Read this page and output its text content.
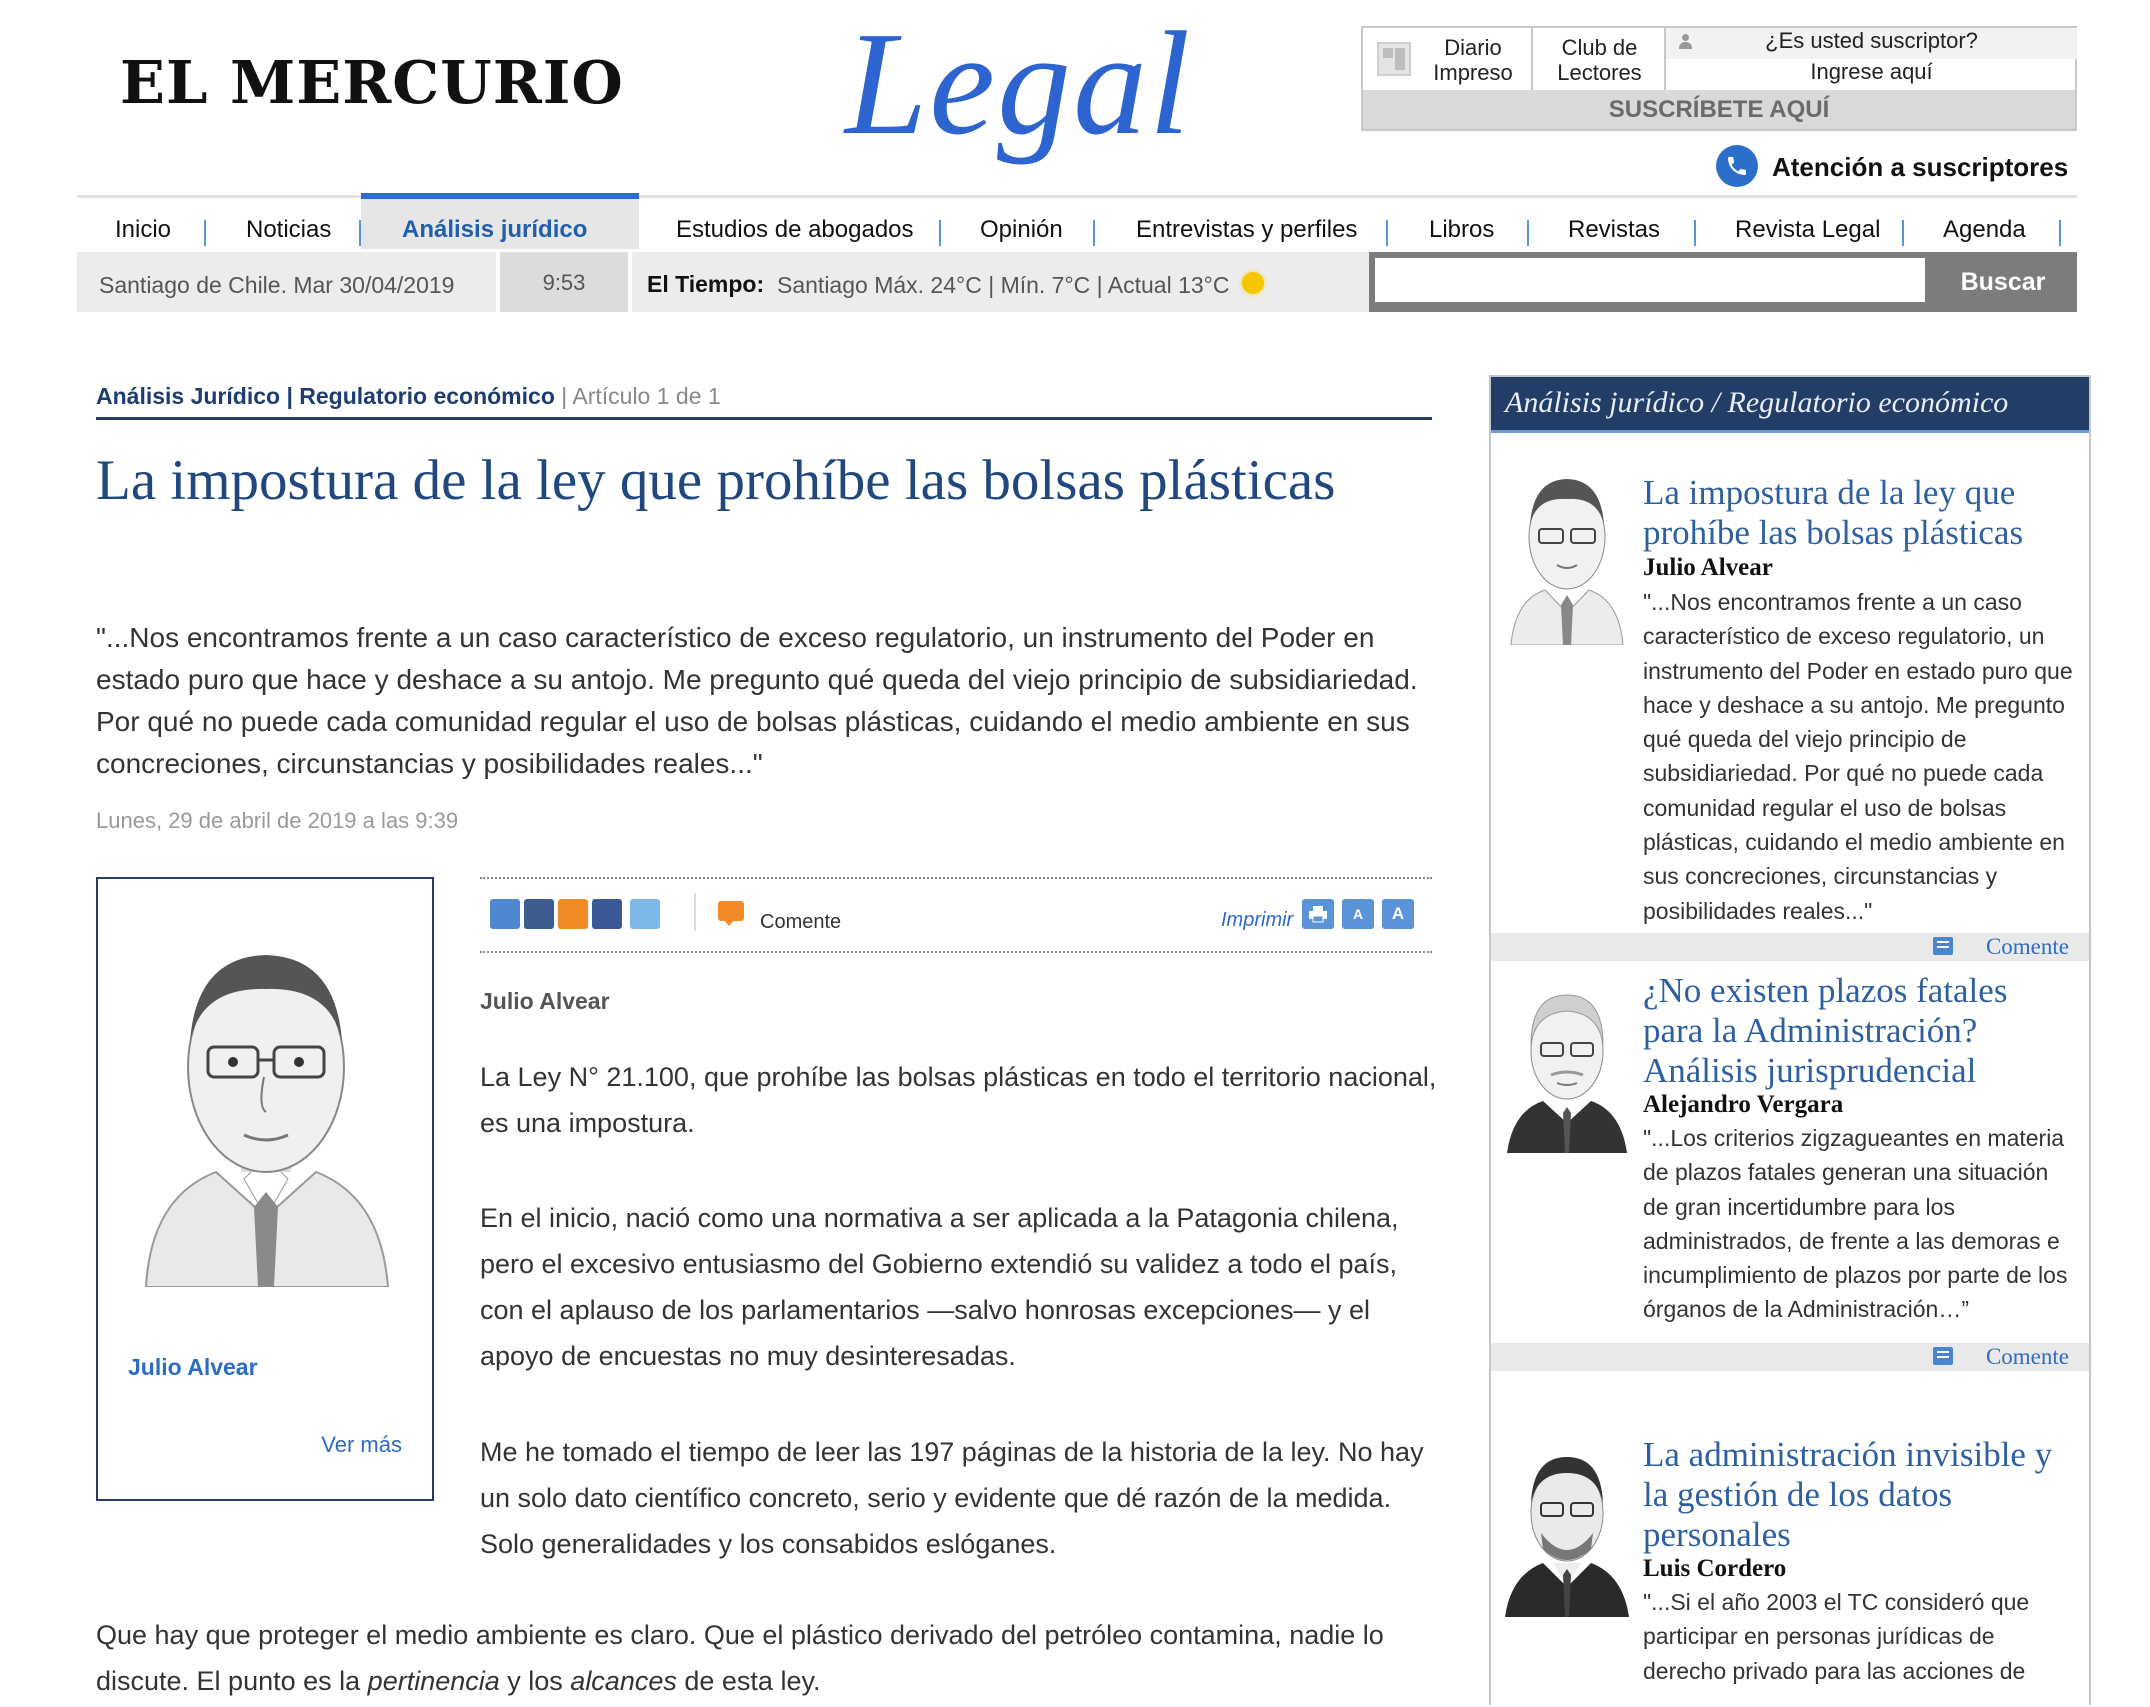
EL MERCURIO Legal	Diario Impreso
Club de Lectores
¿Es usted suscriptor?
Ingrese aquí
SUSCRÍBETE AQUÍ
Atención a suscriptores
Inicio	Noticias	Análisis jurídico	Estudios de abogados	Opinión	Entrevistas y perfiles	Libros	Revistas	Revista Legal	Agenda
Santiago de Chile. Mar 30/04/2019	9:53	El Tiempo: Santiago Máx. 24°C | Mín. 7°C | Actual 13°C	Buscar
Análisis Jurídico | Regulatorio económico | Artículo 1 de 1
La impostura de la ley que prohíbe las bolsas plásticas
"...Nos encontramos frente a un caso característico de exceso regulatorio, un instrumento del Poder en estado puro que hace y deshace a su antojo. Me pregunto qué queda del viejo principio de subsidiariedad. Por qué no puede cada comunidad regular el uso de bolsas plásticas, cuidando el medio ambiente en sus concreciones, circunstancias y posibilidades reales..."
Lunes, 29 de abril de 2019 a las 9:39
Julio Alvear
Ver más
Comente	Imprimir	A	A
Julio Alvear

La Ley N° 21.100, que prohíbe las bolsas plásticas en todo el territorio nacional, es una impostura.

En el inicio, nació como una normativa a ser aplicada a la Patagonia chilena, pero el excesivo entusiasmo del Gobierno extendió su validez a todo el país, con el aplauso de los parlamentarios —salvo honrosas excepciones— y el apoyo de encuestas no muy desinteresadas.

Me he tomado el tiempo de leer las 197 páginas de la historia de la ley. No hay un solo dato científico concreto, serio y evidente que dé razón de la medida. Solo generalidades y los consabidos eslóganes.

Que hay que proteger el medio ambiente es claro. Que el plástico derivado del petróleo contamina, nadie lo discute. El punto es la pertinencia y los alcances de esta ley.

Análisis jurídico / Regulatorio económico
La impostura de la ley que prohíbe las bolsas plásticas
Julio Alvear
"...Nos encontramos frente a un caso característico de exceso regulatorio, un instrumento del Poder en estado puro que hace y deshace a su antojo. Me pregunto qué queda del viejo principio de subsidiariedad. Por qué no puede cada comunidad regular el uso de bolsas plásticas, cuidando el medio ambiente en sus concreciones, circunstancias y posibilidades reales..."
Comente
¿No existen plazos fatales para la Administración? Análisis jurisprudencial
Alejandro Vergara
"...Los criterios zigzagueantes en materia de plazos fatales generan una situación de gran incertidumbre para los administrados, de frente a las demoras e incumplimiento de plazos por parte de los órganos de la Administración…”
Comente
La administración invisible y la gestión de los datos personales
Luis Cordero
"...Si el año 2003 el TC consideró que participar en personas jurídicas de derecho privado para las acciones de
